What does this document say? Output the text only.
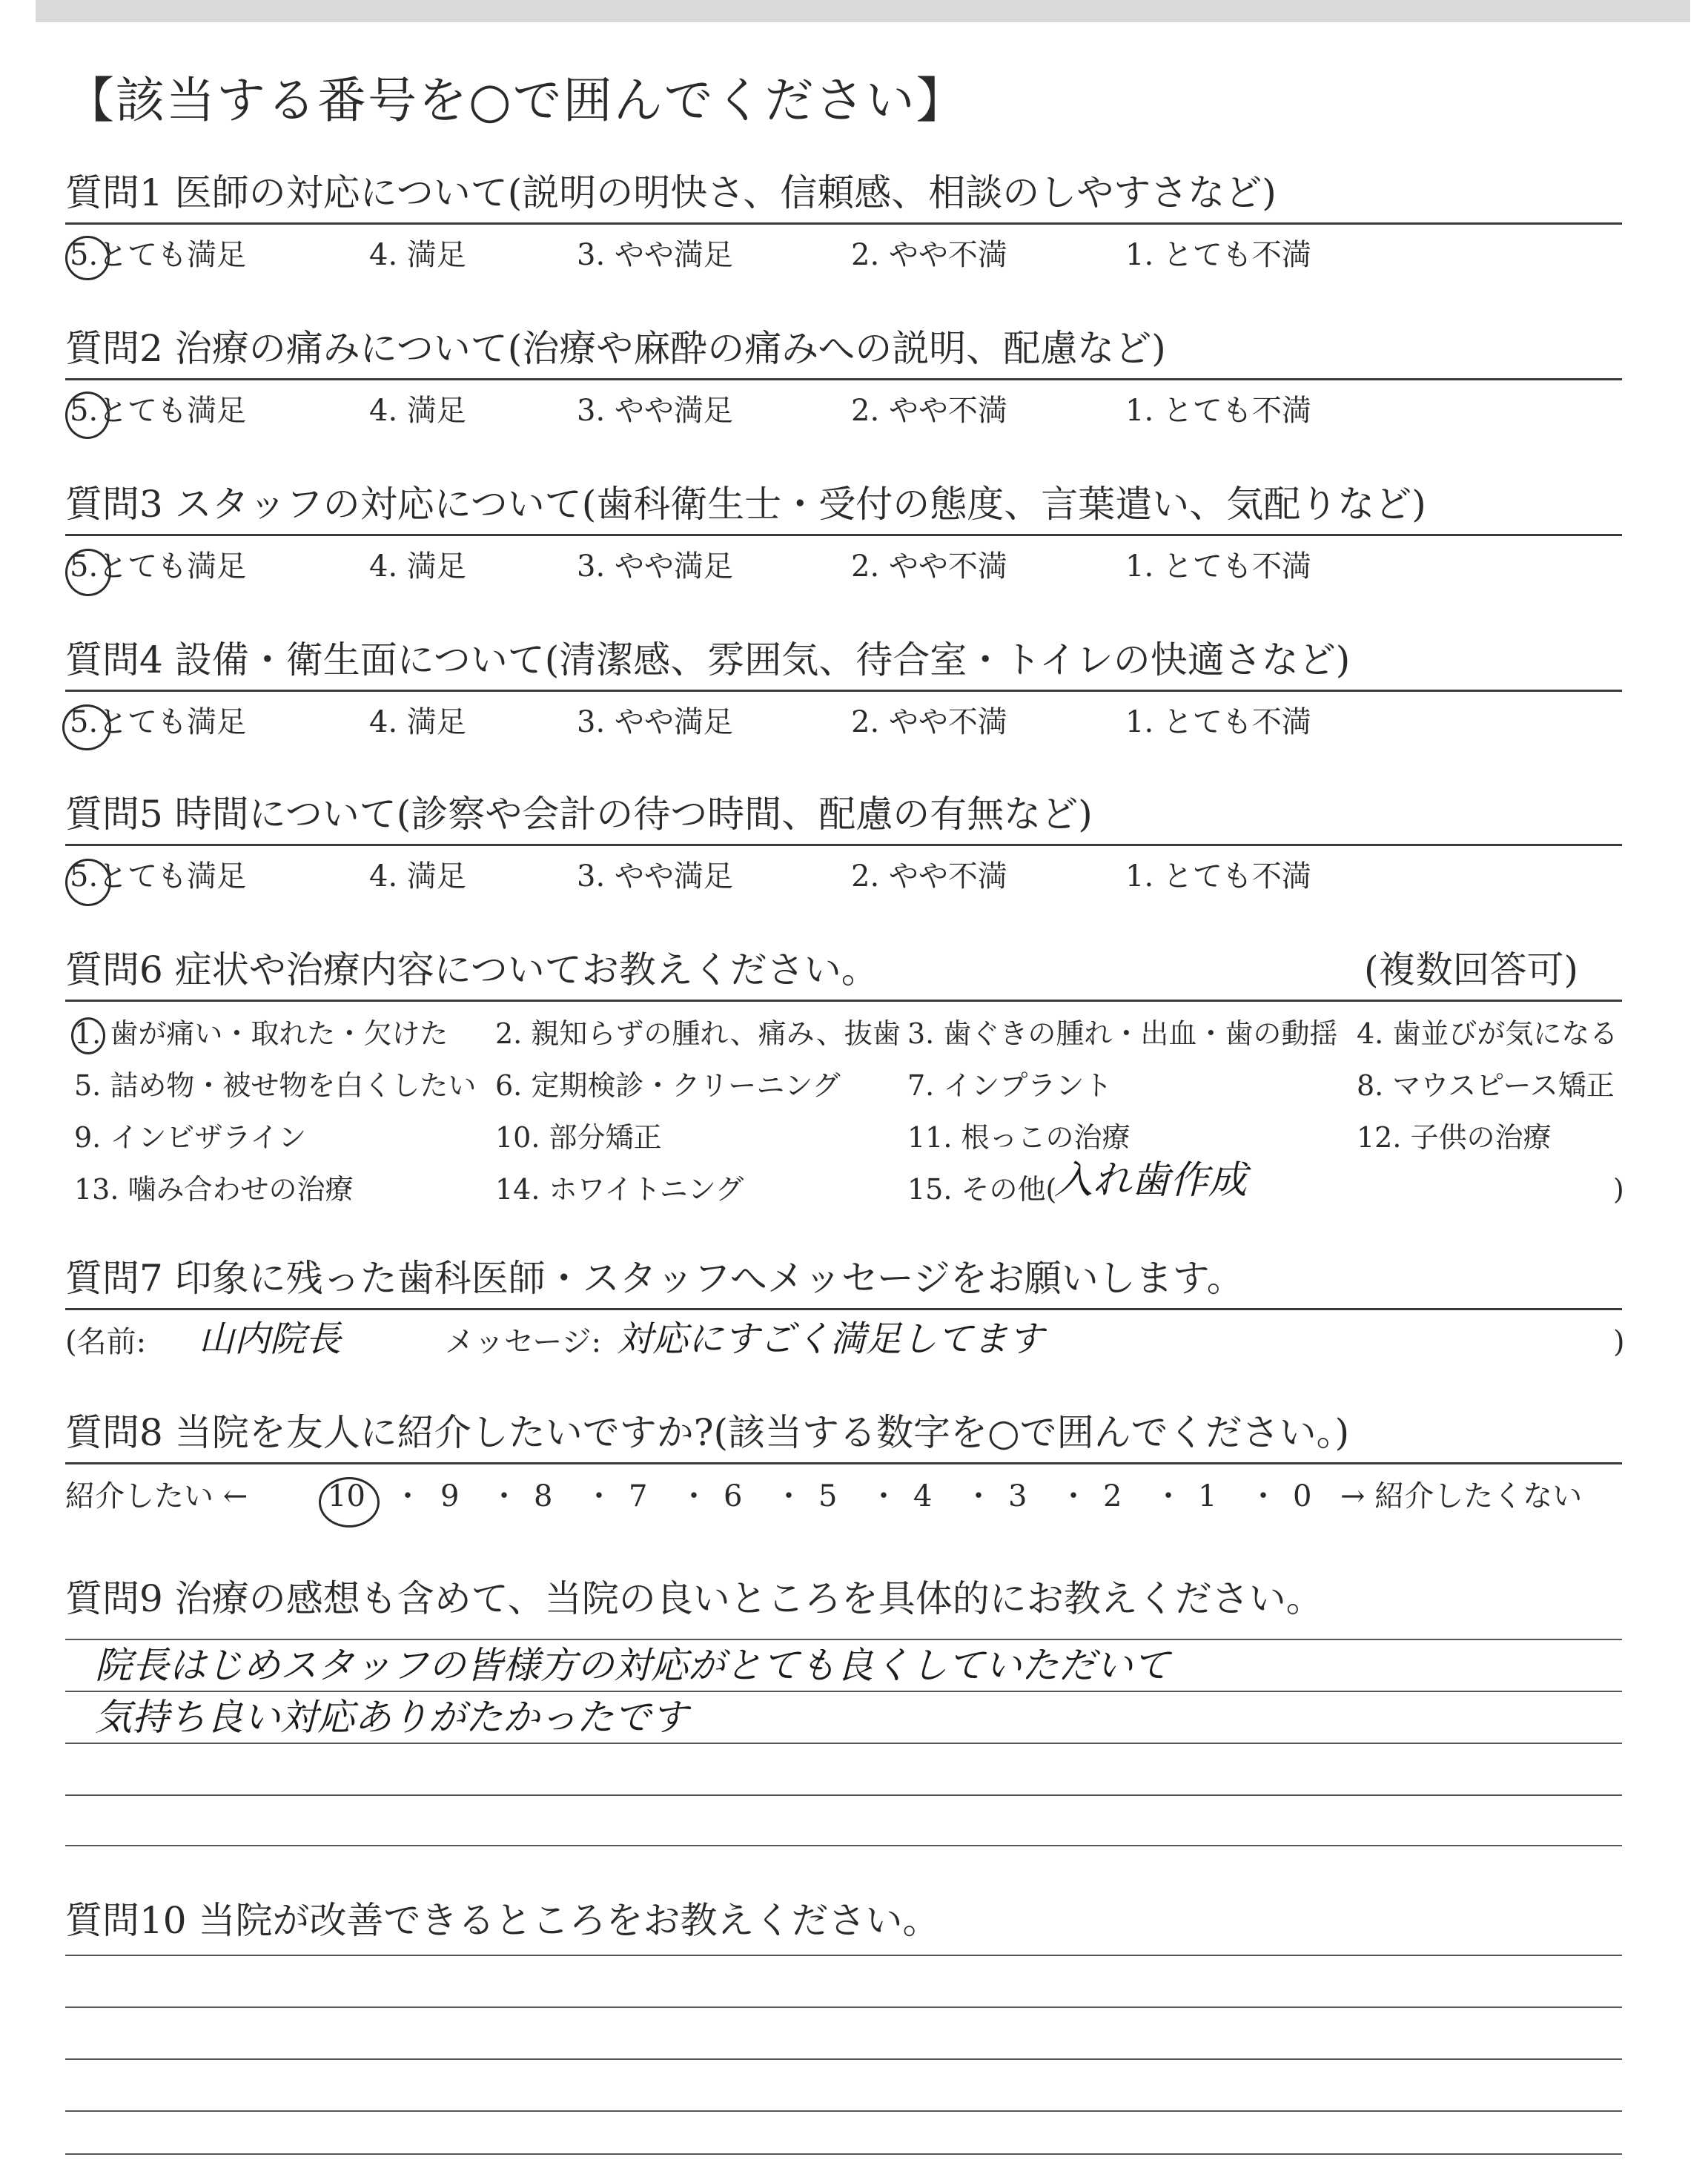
【該当する番号を○で囲んでください】
質問1 医師の対応について(説明の明快さ、信頼感、相談のしやすさなど)
5.とても満足	4. 満足	3. やや満足	2. やや不満	1. とても不満
質問2 治療の痛みについて(治療や麻酔の痛みへの説明、配慮など)
5.とても満足	4. 満足	3. やや満足	2. やや不満	1. とても不満
質問3 スタッフの対応について(歯科衛生士・受付の態度、言葉遣い、気配りなど)
5.とても満足	4. 満足	3. やや満足	2. やや不満	1. とても不満
質問4 設備・衛生面について(清潔感、雰囲気、待合室・トイレの快適さなど)
5.とても満足	4. 満足	3. やや満足	2. やや不満	1. とても不満
質問5 時間について(診察や会計の待つ時間、配慮の有無など)
5.とても満足	4. 満足	3. やや満足	2. やや不満	1. とても不満
質問6 症状や治療内容についてお教えください。	(複数回答可)
1. 歯が痛い・取れた・欠けた 2. 親知らずの腫れ、痛み、抜歯 3. 歯ぐきの腫れ・出血・歯の動揺 4. 歯並びが気になる
5. 詰め物・被せ物を白くしたい 6. 定期検診・クリーニング 7. インプラント	8. マウスピース矯正
9. インビザライン	10. 部分矯正	11. 根っこの治療	12. 子供の治療
13. 噛み合わせの治療	14. ホワイトニング	15. その他(
入れ歯作成	)
質問7 印象に残った歯科医師・スタッフへメッセージをお願いします。
(名前: 山内院長	メッセージ: 対応にすごく満足してます	)
質問8 当院を友人に紹介したいですか?(該当する数字を○で囲んでください。)
紹介したい ←	10 ・ 9 ・ 8 ・ 7 ・ 6 ・ 5 ・ 4 ・ 3 ・ 2 ・ 1 ・ 0 → 紹介したくない
質問9 治療の感想も含めて、当院の良いところを具体的にお教えください。
院長はじめスタッフの皆様方の対応がとても良くしていただいて
気持ち良い対応ありがたかったです
質問10 当院が改善できるところをお教えください。
